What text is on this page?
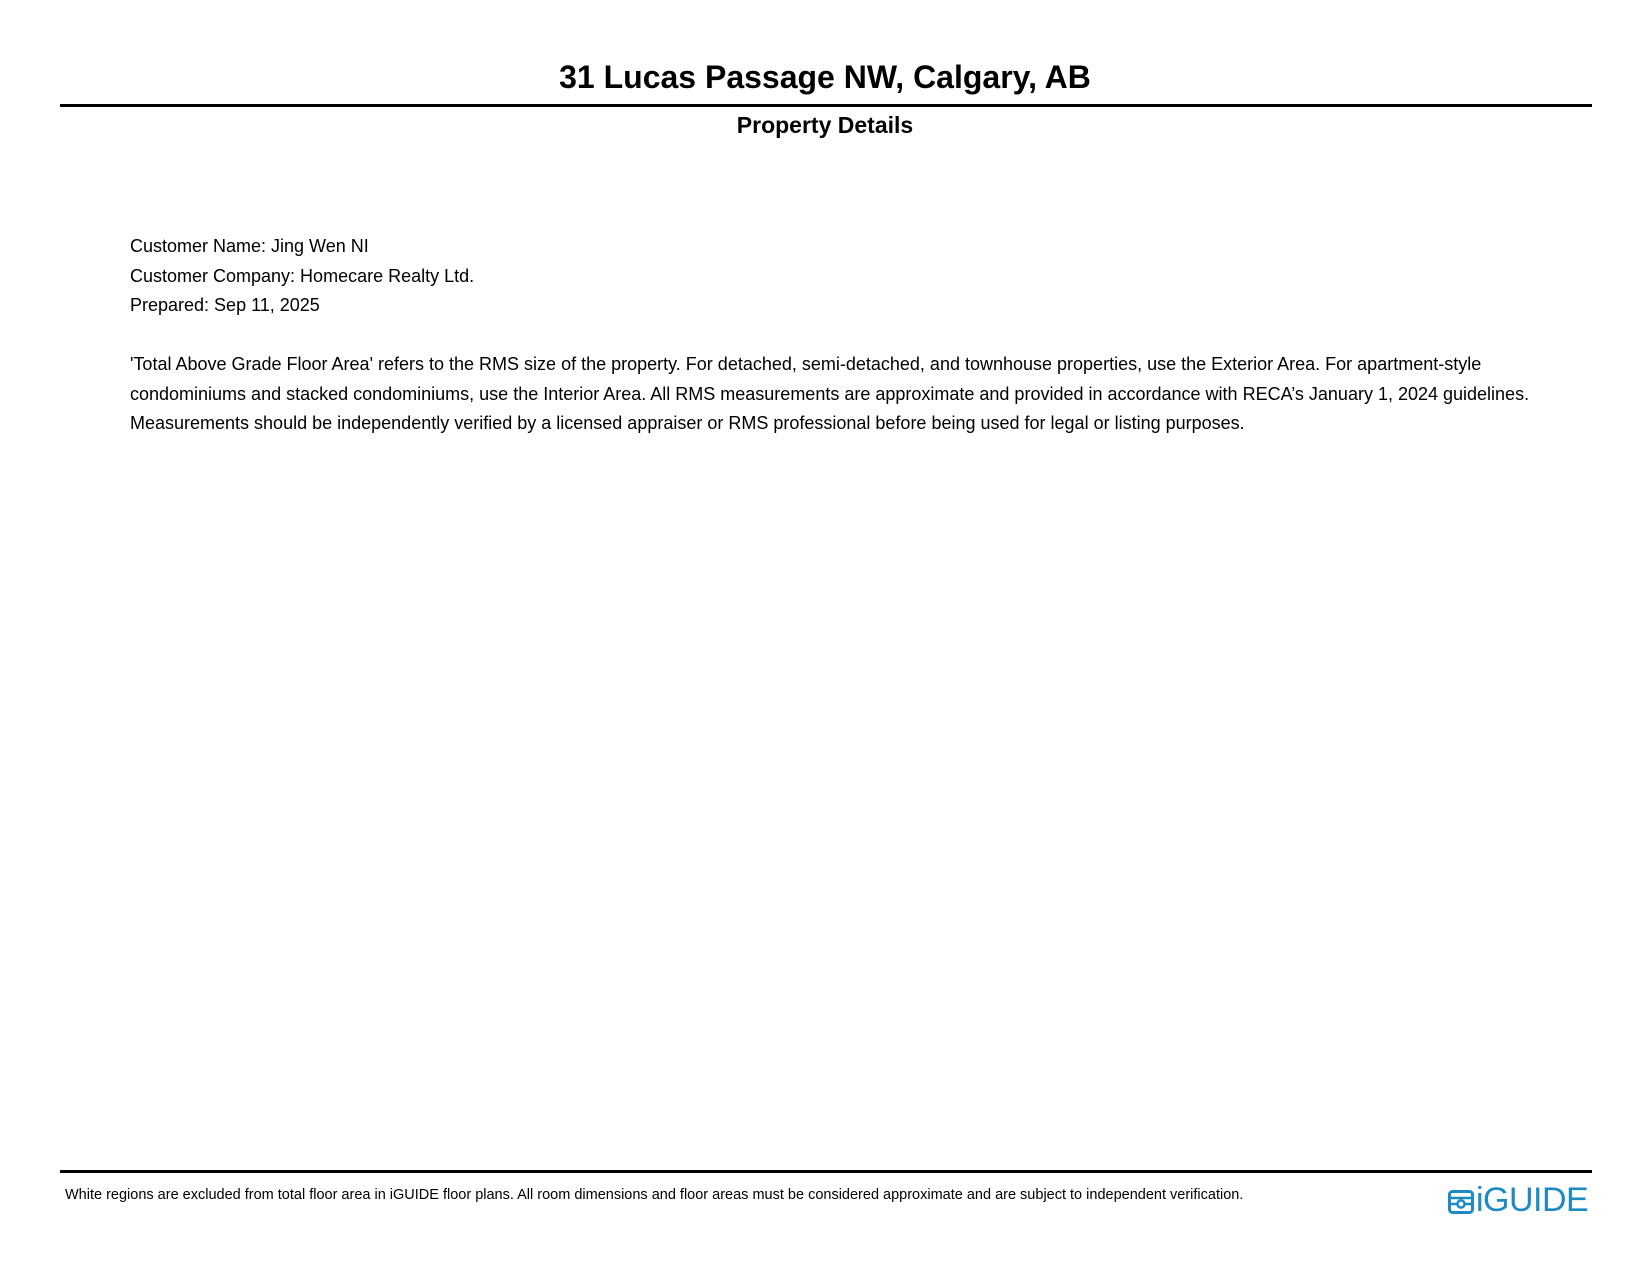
31 Lucas Passage NW, Calgary, AB
Property Details
Customer Name: Jing Wen NI
Customer Company: Homecare Realty Ltd.
Prepared: Sep 11, 2025
'Total Above Grade Floor Area' refers to the RMS size of the property. For detached, semi-detached, and townhouse properties, use the Exterior Area. For apartment-style condominiums and stacked condominiums, use the Interior Area. All RMS measurements are approximate and provided in accordance with RECA’s January 1, 2024 guidelines. Measurements should be independently verified by a licensed appraiser or RMS professional before being used for legal or listing purposes.
White regions are excluded from total floor area in iGUIDE floor plans. All room dimensions and floor areas must be considered approximate and are subject to independent verification.	iGUIDE
